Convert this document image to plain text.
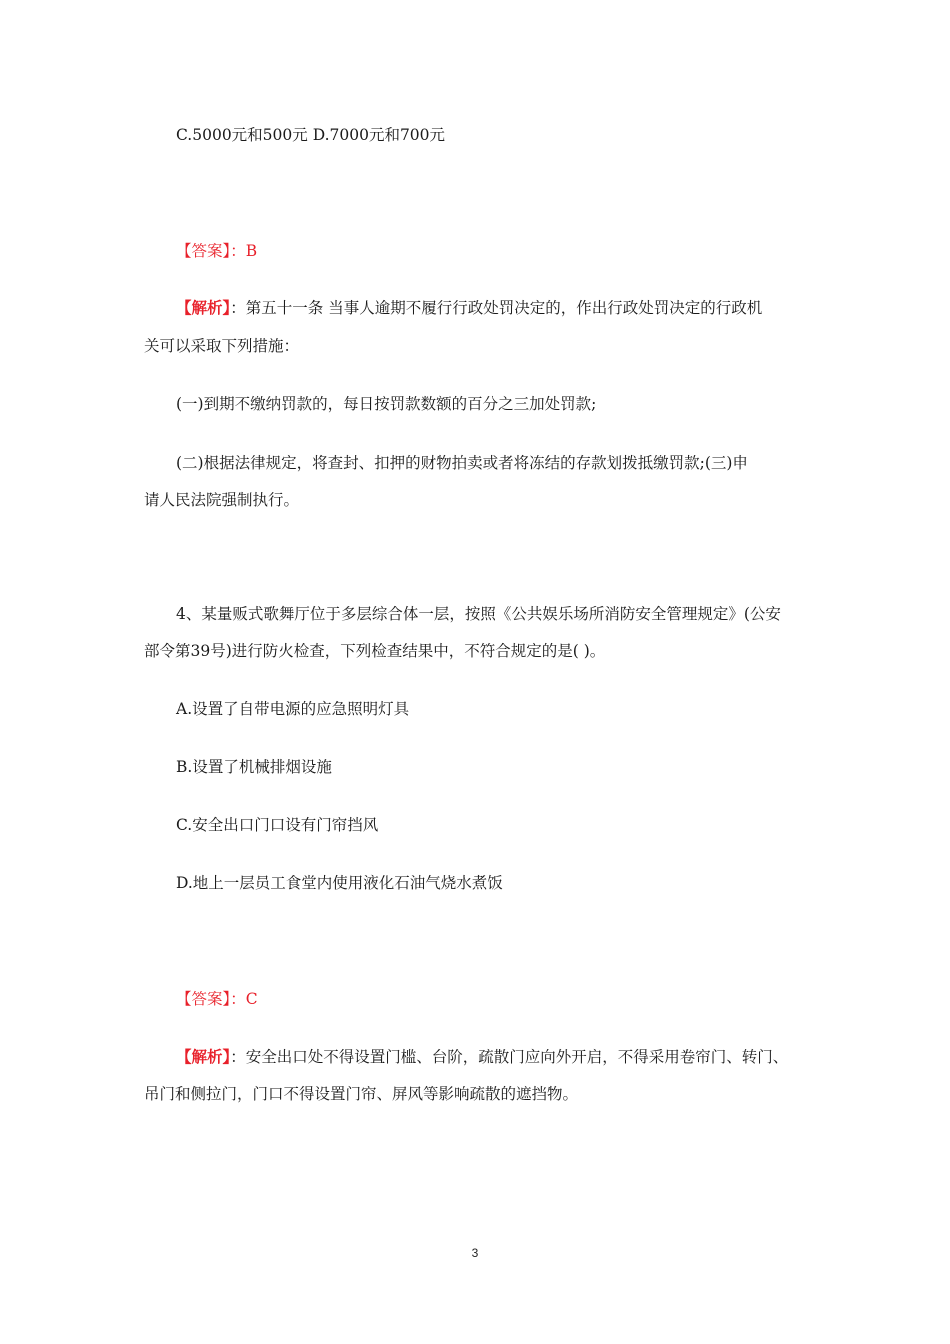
C.5000元和500元 D.7000元和700元
【答案】：B
【解析】：第五十一条 当事人逾期不履行行政处罚决定的，作出行政处罚决定的行政机
关可以采取下列措施：
(一)到期不缴纳罚款的，每日按罚款数额的百分之三加处罚款;
(二)根据法律规定，将查封、扣押的财物拍卖或者将冻结的存款划拨抵缴罚款;(三)申
请人民法院强制执行。
4、某量贩式歌舞厅位于多层综合体一层，按照《公共娱乐场所消防安全管理规定》(公安
部令第39号)进行防火检查，下列检查结果中，不符合规定的是( )。
A.设置了自带电源的应急照明灯具
B.设置了机械排烟设施
C.安全出口门口设有门帘挡风
D.地上一层员工食堂内使用液化石油气烧水煮饭
【答案】：C
【解析】：安全出口处不得设置门槛、台阶，疏散门应向外开启，不得采用卷帘门、转门、
吊门和侧拉门，门口不得设置门帘、屏风等影响疏散的遮挡物。
3
